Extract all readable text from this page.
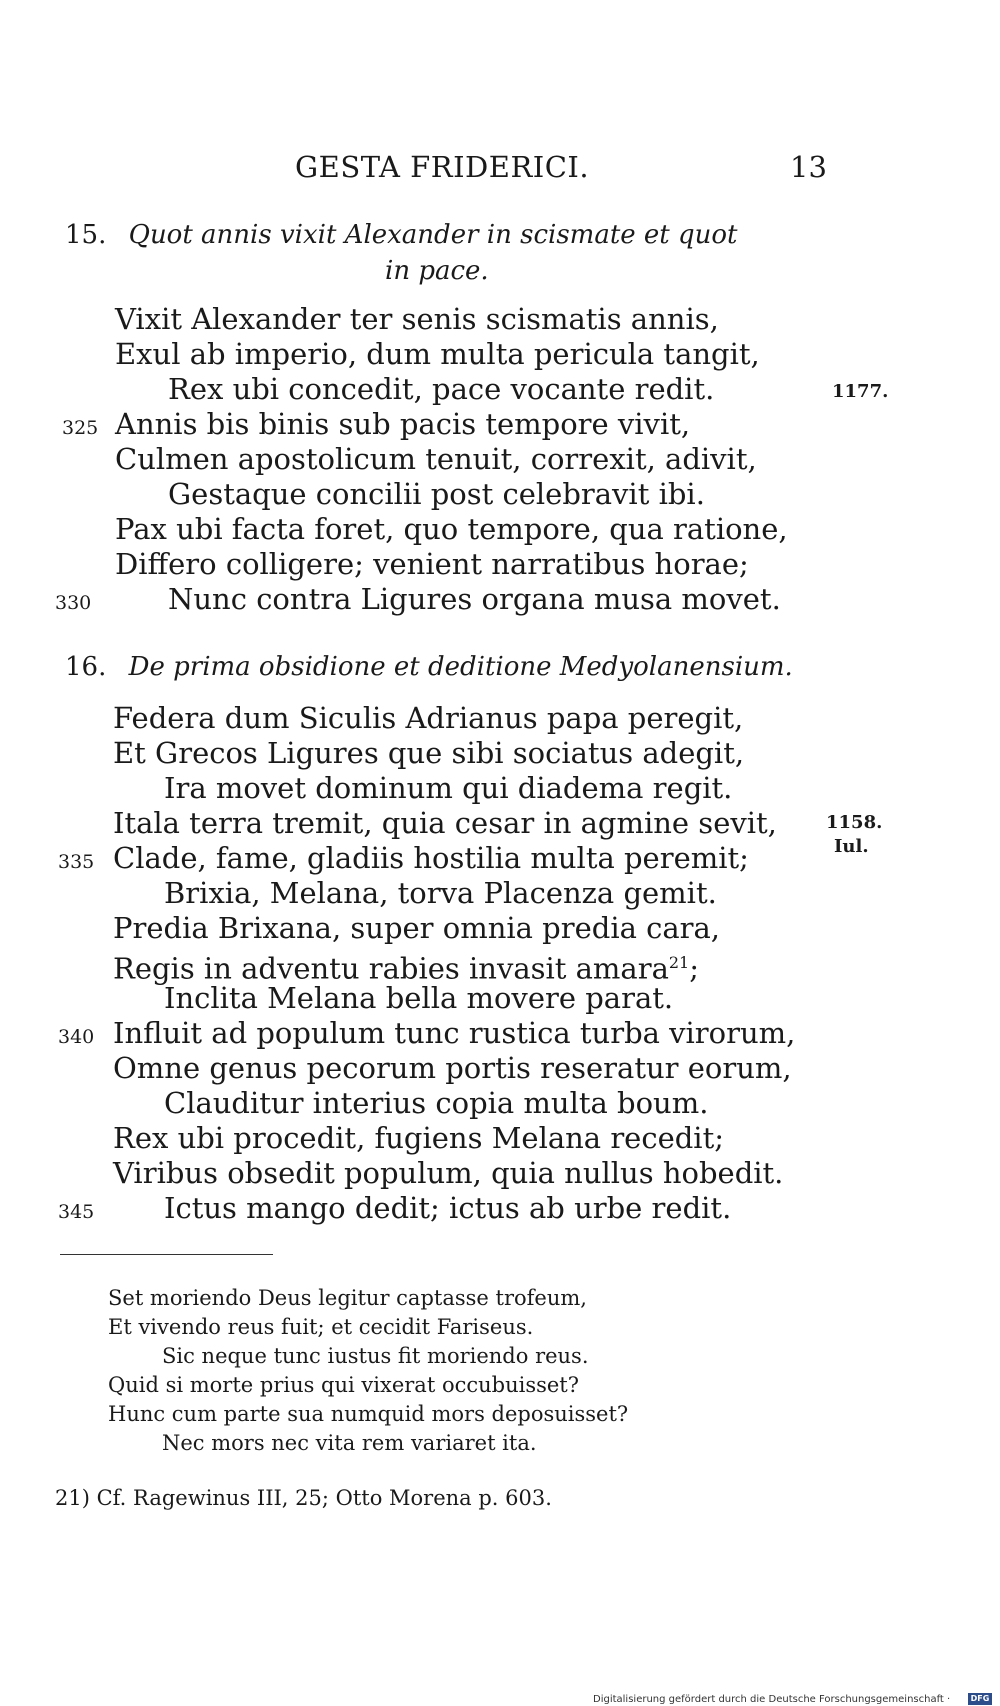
GESTA FRIDERICI.	13
15. Quot annis vixit Alexander in scismate et quot
in pace.
Vixit Alexander ter senis scismatis annis,
Exul ab imperio, dum multa pericula tangit,
Rex ubi concedit, pace vocante redit.
Annis bis binis sub pacis tempore vivit,
Culmen apostolicum tenuit, correxit, adivit,
Gestaque concilii post celebravit ibi.
Pax ubi facta foret, quo tempore, qua ratione,
Differo colligere; venient narratibus horae;
Nunc contra Ligures organa musa movet.
325
330
1177.
16. De prima obsidione et deditione Medyolanensium.
Federa dum Siculis Adrianus papa peregit,
Et Grecos Ligures que sibi sociatus adegit,
Ira movet dominum qui diadema regit.
Itala terra tremit, quia cesar in agmine sevit,
Clade, fame, gladiis hostilia multa peremit;
Brixia, Melana, torva Placenza gemit.
Predia Brixana, super omnia predia cara,
Regis in adventu rabies invasit amara$^{21}$;
Inclita Melana bella movere parat.
Influit ad populum tunc rustica turba virorum,
Omne genus pecorum portis reseratur eorum,
Clauditur interius copia multa boum.
Rex ubi procedit, fugiens Melana recedit;
Viribus obsedit populum, quia nullus hobedit.
Ictus mango dedit; ictus ab urbe redit.
335
340
345
1158.
Iul.
Set moriendo Deus legitur captasse trofeum,
Et vivendo reus fuit; et cecidit Fariseus.
Sic neque tunc iustus fit moriendo reus.
Quid si morte prius qui vixerat occubuisset?
Hunc cum parte sua numquid mors deposuisset?
Nec mors nec vita rem variaret ita.
21) Cf. Ragewinus III, 25; Otto Morena p. 603.
Digitalisierung gefördert durch die Deutsche Forschungsgemeinschaft ·	DFG
